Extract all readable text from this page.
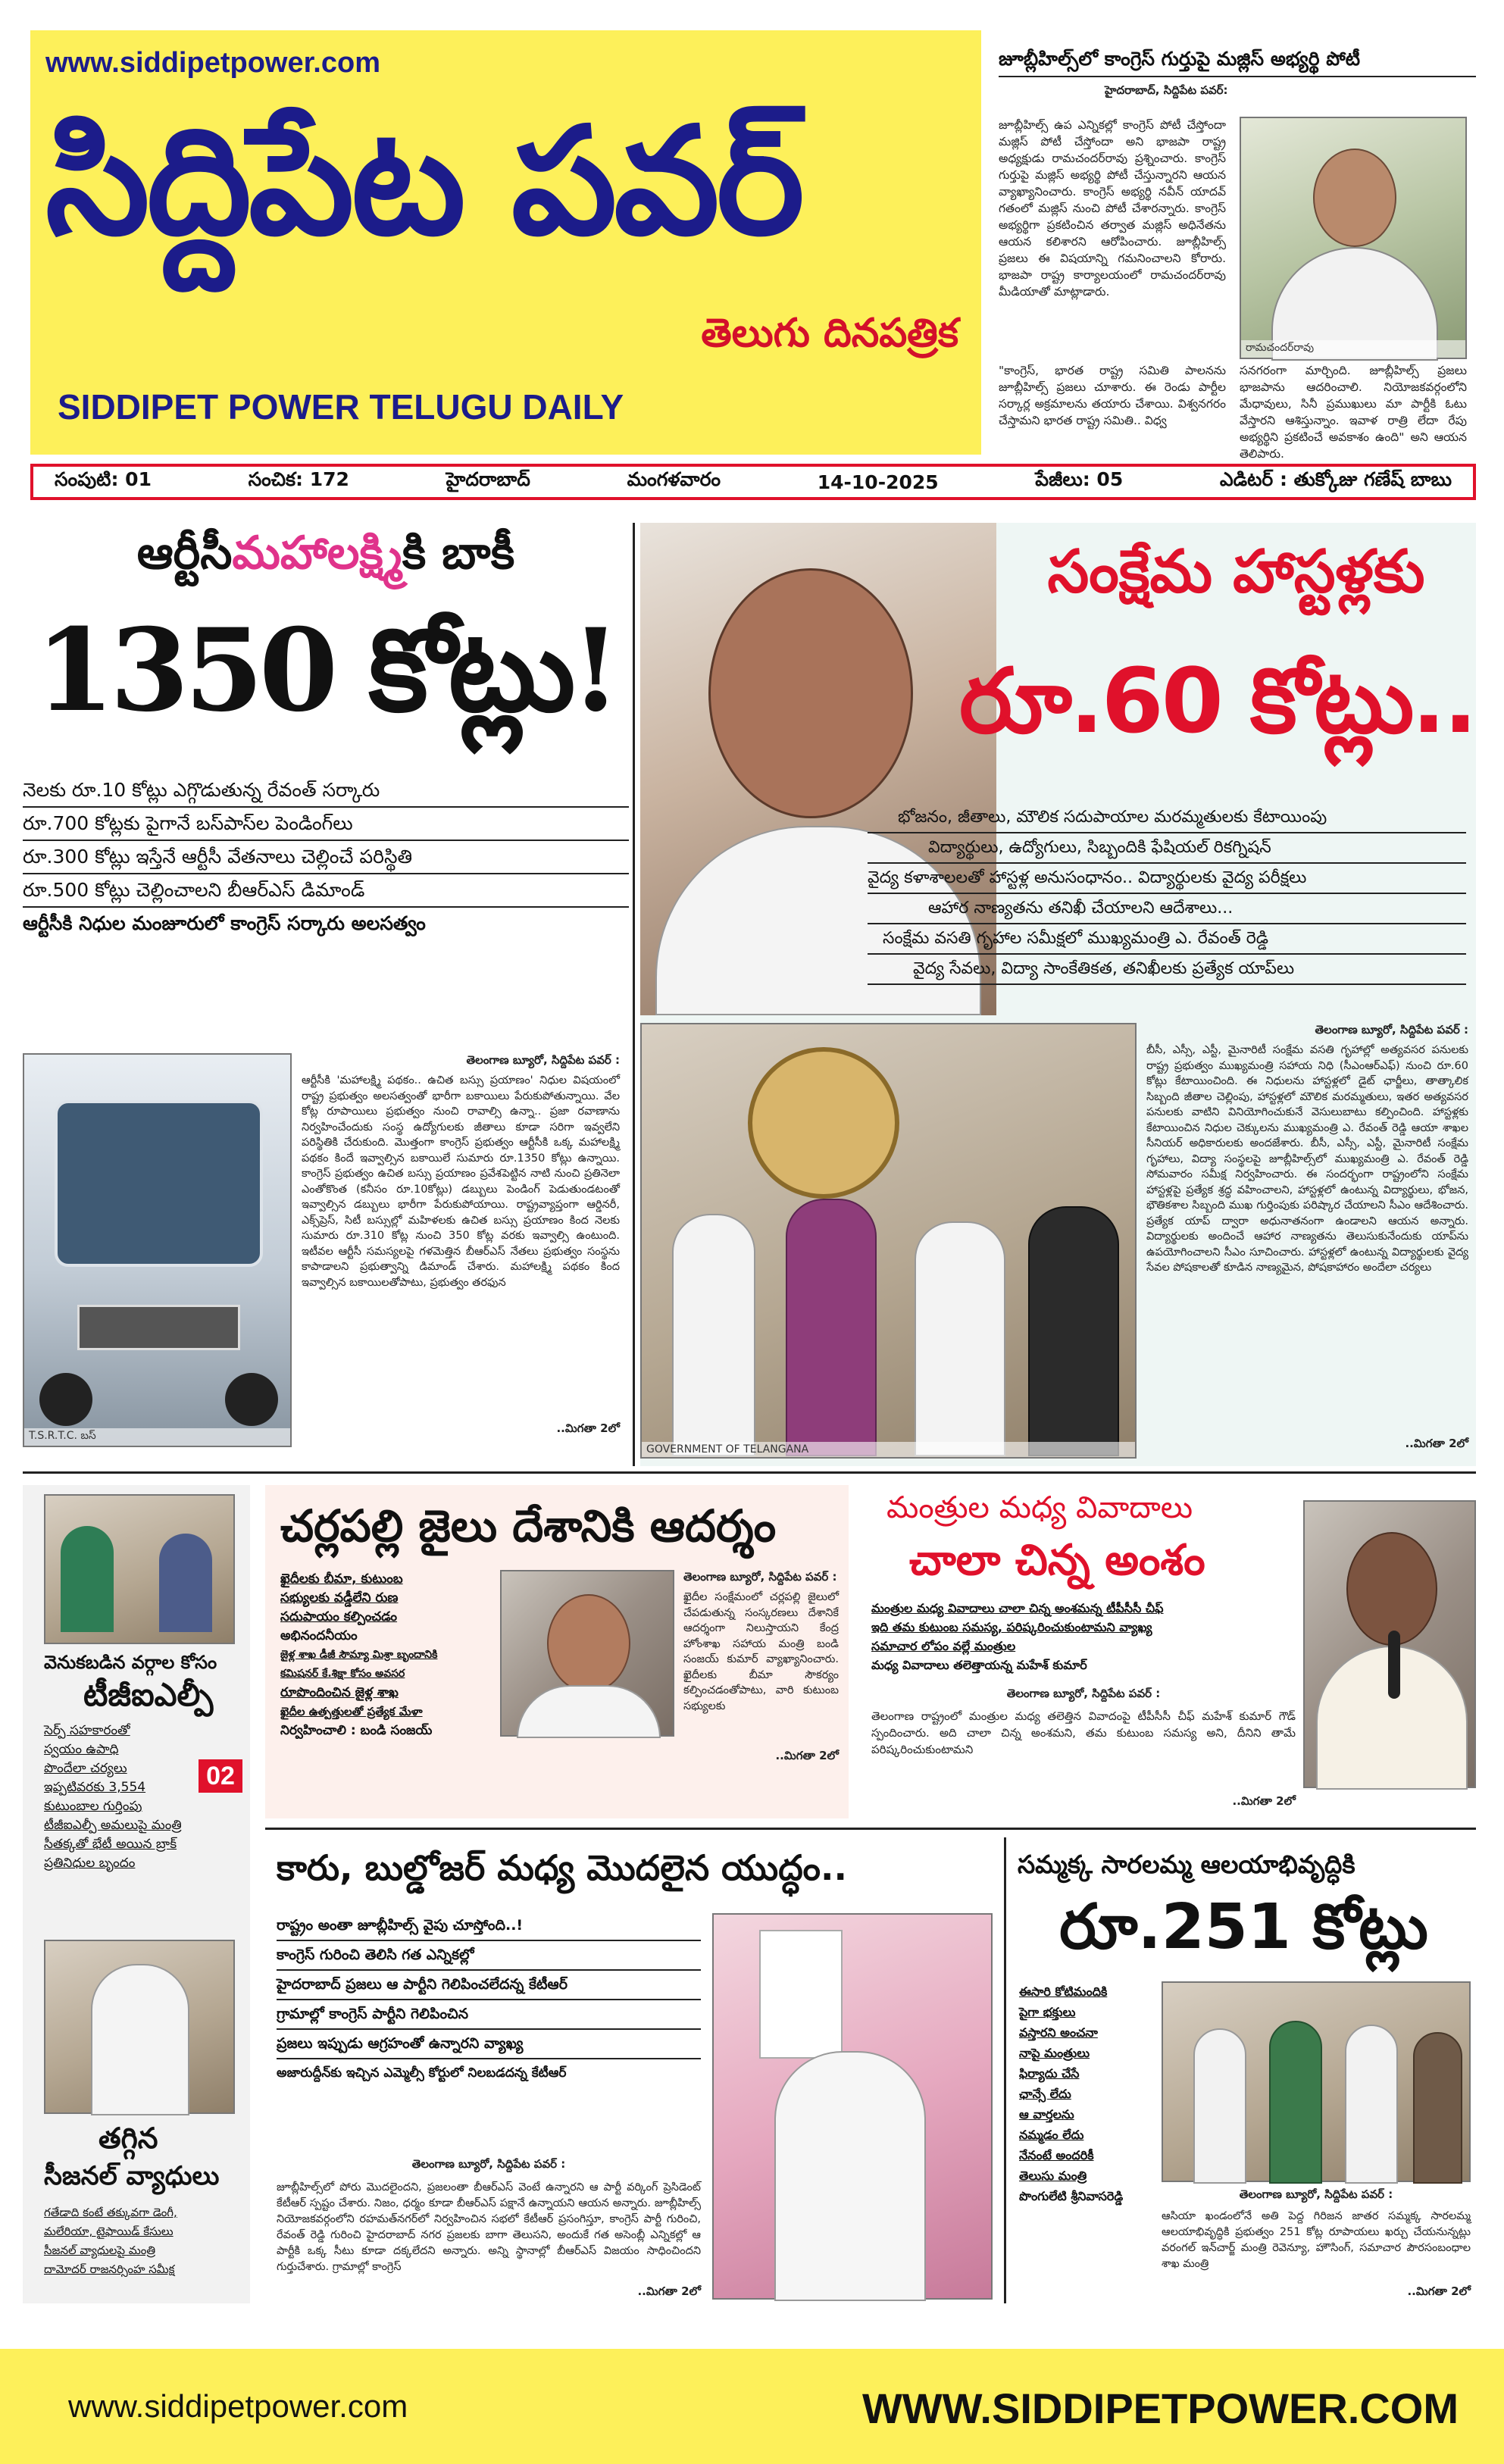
www.siddipetpower.com
సిద్దిపేట పవర్
తెలుగు దినపత్రిక
SIDDIPET POWER TELUGU DAILY
జూబ్లీహిల్స్‌లో కాంగ్రెస్ గుర్తుపై మజ్లిస్ అభ్యర్థి పోటీ
హైదరాబాద్, సిద్దిపేట పవర్:
జూబ్లీహిల్స్ ఉప ఎన్నికల్లో కాంగ్రెస్ పోటీ చేస్తోందా మజ్లిస్ పోటీ చేస్తోందా అని భాజపా రాష్ట్ర అధ్యక్షుడు రామచందర్‌రావు ప్రశ్నించారు. కాంగ్రెస్ గుర్తుపై మజ్లిస్ అభ్యర్థి పోటీ చేస్తున్నారని ఆయన వ్యాఖ్యానించారు. కాంగ్రెస్ అభ్యర్థి నవీన్ యాదవ్ గతంలో మజ్లిస్ నుంచి పోటీ చేశారన్నారు. కాంగ్రెస్ అభ్యర్థిగా ప్రకటించిన తర్వాత మజ్లిస్ అధినేతను ఆయన కలిశారని ఆరోపించారు. జూబ్లీహిల్స్ ప్రజలు ఈ విషయాన్ని గమనించాలని కోరారు. భాజపా రాష్ట్ర కార్యాలయంలో రామచందర్‌రావు మీడియాతో మాట్లాడారు.
"కాంగ్రెస్, భారత రాష్ట్ర సమితి పాలనను జూబ్లీహిల్స్ ప్రజలు చూశారు. ఈ రెండు పార్టీల సర్కార్ల అక్రమాలను తయారు చేశాయి. విశ్వనగరం చేస్తామని భారత రాష్ట్ర సమితి.. విధ్వ
రామచందర్‌రావు
సనగరంగా మార్చింది. జూబ్లీహిల్స్ ప్రజలు భాజపాను ఆదరించాలి. నియోజకవర్గంలోని మేధావులు, సినీ ప్రముఖులు మా పార్టీకి ఓటు వేస్తారని ఆశిస్తున్నాం. ఇవాళ రాత్రి లేదా రేపు అభ్యర్థిని ప్రకటించే అవకాశం ఉంది" అని ఆయన తెలిపారు.
సంపుటి: 01	సంచిక: 172	హైదరాబాద్	మంగళవారం	14-10-2025	పేజీలు: 05	ఎడిటర్ : తుక్కోజు గణేష్ బాబు
ఆర్టీసీమహాలక్ష్మికి బాకీ
1350 కోట్లు!
నెలకు రూ.10 కోట్లు ఎగ్గొడుతున్న రేవంత్ సర్కారు
రూ.700 కోట్లకు పైగానే బస్‌పాస్‌ల పెండింగ్‌లు
రూ.300 కోట్లు ఇస్తేనే ఆర్టీసీ వేతనాలు చెల్లించే పరిస్థితి
రూ.500 కోట్లు చెల్లించాలని బీఆర్ఎస్ డిమాండ్
ఆర్టీసీకి నిధుల మంజూరులో కాంగ్రెస్ సర్కారు అలసత్వం
T.S.R.T.C. బస్
తెలంగాణ బ్యూరో, సిద్దిపేట పవర్ :
ఆర్టీసీకి 'మహాలక్ష్మి పథకం.. ఉచిత బస్సు ప్రయాణం' నిధుల విషయంలో రాష్ట్ర ప్రభుత్వం అలసత్వంతో భారీగా బకాయిలు పేరుకుపోతున్నాయి. వేల కోట్ల రూపాయిలు ప్రభుత్వం నుంచి రావాల్సి ఉన్నా.. ప్రజా రవాణాను నిర్వహించేందుకు సంస్థ ఉద్యోగులకు జీతాలు కూడా సరిగా ఇవ్వలేని పరిస్థితికి చేరుకుంది. మొత్తంగా కాంగ్రెస్ ప్రభుత్వం ఆర్టీసీకి ఒక్క మహాలక్ష్మి పథకం కిందే ఇవ్వాల్సిన బకాయిలే సుమారు రూ.1350 కోట్లు ఉన్నాయి. కాంగ్రెస్ ప్రభుత్వం ఉచిత బస్సు ప్రయాణం ప్రవేశపెట్టిన నాటి నుంచి ప్రతినెలా ఎంతోకొంత (కనీసం రూ.10కోట్లు) డబ్బులు పెండింగ్ పెడుతుండటంతో ఇవ్వాల్సిన డబ్బులు భారీగా పేరుకుపోయాయి. రాష్ట్రవ్యాప్తంగా ఆర్డినరీ, ఎక్స్‌ప్రెస్, సిటీ బస్సుల్లో మహిళలకు ఉచిత బస్సు ప్రయాణం కింద నెలకు సుమారు రూ.310 కోట్ల నుంచి 350 కోట్ల వరకు ఇవ్వాల్సి ఉంటుంది. ఇటీవల ఆర్టీసీ సమస్యలపై గళమెత్తిన బీఆర్ఎస్ నేతలు ప్రభుత్వం సంస్థను కాపాడాలని ప్రభుత్వాన్ని డిమాండ్ చేశారు. మహాలక్ష్మి పథకం కింద ఇవ్వాల్సిన బకాయిలతోపాటు, ప్రభుత్వం తరఫున
..మిగతా 2లో
సంక్షేమ హాస్టళ్లకు
రూ.60 కోట్లు..
భోజనం, జీతాలు, మౌలిక సదుపాయాల మరమ్మతులకు కేటాయింపు
విద్యార్థులు, ఉద్యోగులు, సిబ్బందికి ఫేషియల్ రికగ్నిషన్
వైద్య కళాశాలలతో హాస్టళ్ల అనుసంధానం.. విద్యార్థులకు వైద్య పరీక్షలు
ఆహార నాణ్యతను తనిఖీ చేయాలని ఆదేశాలు...
సంక్షేమ వసతి గృహాల సమీక్షలో ముఖ్యమంత్రి ఎ. రేవంత్ రెడ్డి
వైద్య సేవలు, విద్యా సాంకేతికత, తనిఖీలకు ప్రత్యేక యాప్‌లు
GOVERNMENT OF TELANGANA
తెలంగాణ బ్యూరో, సిద్దిపేట పవర్ :
బీసీ, ఎస్సీ, ఎస్టీ, మైనారిటీ సంక్షేమ వసతి గృహాల్లో అత్యవసర పనులకు రాష్ట్ర ప్రభుత్వం ముఖ్యమంత్రి సహాయ నిధి (సీఎంఆర్ఎఫ్) నుంచి రూ.60 కోట్లు కేటాయించింది. ఈ నిధులను హాస్టళ్లలో డైట్ ఛార్జీలు, తాత్కాలిక సిబ్బంది జీతాల చెల్లింపు, హాస్టళ్లలో మౌలిక మరమ్మతులు, ఇతర అత్యవసర పనులకు వాటిని వినియోగించుకునే వెసులుబాటు కల్పించింది. హాస్టళ్లకు కేటాయించిన నిధుల చెక్కులను ముఖ్యమంత్రి ఎ. రేవంత్ రెడ్డి ఆయా శాఖల సీనియర్ అధికారులకు అందజేశారు. బీసీ, ఎస్సీ, ఎస్టీ, మైనారిటీ సంక్షేమ గృహాలు, విద్యా సంస్థలపై జూబ్లీహిల్స్‌లో ముఖ్యమంత్రి ఎ. రేవంత్ రెడ్డి సోమవారం సమీక్ష నిర్వహించారు. ఈ సందర్భంగా రాష్ట్రంలోని సంక్షేమ హాస్టళ్లపై ప్రత్యేక శ్రద్ధ వహించాలని, హాస్టళ్లలో ఉంటున్న విద్యార్థులు, భోజన, భౌతికశాల సిబ్బంది ముఖ గుర్తింపుకు పరిష్కార చేయాలని సీఎం ఆదేశించారు. ప్రత్యేక యాప్ ద్వారా అధునాతనంగా ఉండాలని ఆయన అన్నారు. విద్యార్థులకు అందించే ఆహార నాణ్యతను తెలుసుకునేందుకు యాప్‌ను ఉపయోగించాలని సీఎం సూచించారు. హాస్టళ్లలో ఉంటున్న విద్యార్థులకు వైద్య సేవల పోషకాలతో కూడిన నాణ్యమైన, పోషకాహారం అందేలా చర్యలు
..మిగతా 2లో
వెనుకబడిన వర్గాల కోసం
టీజీఐఎల్పీ
సెర్ప్ సహకారంతో
స్వయం ఉపాధి
పొందేలా చర్యలు
ఇప్పటివరకు 3,554
కుటుంబాల గుర్తింపు
టీజీఐఎల్పీ అమలుపై మంత్రి
సీతక్కతో భేటీ అయిన బ్రాక్
ప్రతినిధుల బృందం
02
తగ్గిన
సీజనల్ వ్యాధులు
గతేడాది కంటే తక్కువగా డెంగీ,
మలేరియా, టైఫాయిడ్ కేసులు
సీజనల్ వ్యాధులపై మంత్రి
దామోదర్ రాజనర్సింహ సమీక్ష
చర్లపల్లి జైలు దేశానికి ఆదర్శం
ఖైదీలకు బీమా, కుటుంబ
సభ్యులకు వడ్డీలేని రుణ
సదుపాయం కల్పించడం
అభినందనీయం
జైళ్ల శాఖ డీజీ సౌమ్యా మిశ్రా బృందానికి
కమిషనర్ కే.శిక్షా కోసం అవసర
రూపొందించిన జైళ్ల శాఖ
ఖైదీల ఉత్పత్తులతో ప్రత్యేక మేళా
నిర్వహించాలి : బండి సంజయ్
తెలంగాణ బ్యూరో, సిద్దిపేట పవర్ :
ఖైదీల సంక్షేమంలో చర్లపల్లి జైలులో చేపడుతున్న సంస్కరణలు దేశానికే ఆదర్శంగా నిలుస్తాయని కేంద్ర హోంశాఖ సహాయ మంత్రి బండి సంజయ్ కుమార్ వ్యాఖ్యానించారు. ఖైదీలకు బీమా సౌకర్యం కల్పించడంతోపాటు, వారి కుటుంబ సభ్యులకు
..మిగతా 2లో
మంత్రుల మధ్య వివాదాలు
చాలా చిన్న అంశం
మంత్రుల మధ్య వివాదాలు చాలా చిన్న అంశమన్న టీపీసీసీ చీఫ్
ఇది తమ కుటుంబ సమస్య, పరిష్కరించుకుంటామని వ్యాఖ్య
సమాచార లోపం వల్లే మంత్రుల
మధ్య వివాదాలు తలెత్తాయన్న మహేశ్ కుమార్
తెలంగాణ బ్యూరో, సిద్దిపేట పవర్ :
తెలంగాణ రాష్ట్రంలో మంత్రుల మధ్య తలెత్తిన వివాదంపై టీపీసీసీ చీఫ్ మహేశ్ కుమార్ గౌడ్ స్పందించారు. అది చాలా చిన్న అంశమని, తమ కుటుంబ సమస్య అని, దీనిని తామే పరిష్కరించుకుంటామని
..మిగతా 2లో
కారు, బుల్డోజర్ మధ్య మొదలైన యుద్ధం..
రాష్ట్రం అంతా జూబ్లీహిల్స్ వైపు చూస్తోంది..!
కాంగ్రెస్ గురించి తెలిసి గత ఎన్నికల్లో
హైదరాబాద్ ప్రజలు ఆ పార్టీని గెలిపించలేదన్న కేటీఆర్
గ్రామాల్లో కాంగ్రెస్ పార్టీని గెలిపించిన
ప్రజలు ఇప్పుడు ఆగ్రహంతో ఉన్నారని వ్యాఖ్య
అజారుద్దీన్‌కు ఇచ్చిన ఎమ్మెల్సీ కోర్టులో నిలబడదన్న కేటీఆర్
తెలంగాణ బ్యూరో, సిద్దిపేట పవర్ :
జూబ్లీహిల్స్‌లో పోరు మొదలైందని, ప్రజలంతా బీఆర్ఎస్ వెంటే ఉన్నారని ఆ పార్టీ వర్కింగ్ ప్రెసిడెంట్ కేటీఆర్ స్పష్టం చేశారు. నిజం, ధర్మం కూడా బీఆర్ఎస్ పక్షానే ఉన్నాయని ఆయన అన్నారు. జూబ్లీహిల్స్ నియోజకవర్గంలోని రహమత్‌నగర్‌లో నిర్వహించిన సభలో కేటీఆర్ ప్రసంగిస్తూ, కాంగ్రెస్ పార్టీ గురించి, రేవంత్ రెడ్డి గురించి హైదరాబాద్ నగర ప్రజలకు బాగా తెలుసని, అందుకే గత అసెంబ్లీ ఎన్నికల్లో ఆ పార్టీకి ఒక్క సీటు కూడా దక్కలేదని అన్నారు. అన్ని స్థానాల్లో బీఆర్ఎస్ విజయం సాధించిందని గుర్తుచేశారు. గ్రామాల్లో కాంగ్రెస్
..మిగతా 2లో
సమ్మక్క సారలమ్మ ఆలయాభివృద్ధికి
రూ.251 కోట్లు
ఈసారి కోటిమందికి
పైగా భక్తులు
వస్తారని అంచనా
నాపై మంత్రులు
ఫిర్యాదు చేసే
ఛాన్సే లేదు
ఆ వార్తలను
నమ్మడం లేదు
నేనంటే అందరికీ
తెలుసు మంత్రి
పొంగులేటి శ్రీనివాసరెడ్డి	తెలంగాణ బ్యూరో, సిద్దిపేట పవర్ :
ఆసియా ఖండంలోనే అతి పెద్ద గిరిజన జాతర సమ్మక్క సారలమ్మ ఆలయాభివృద్ధికి ప్రభుత్వం 251 కోట్ల రూపాయలు ఖర్చు చేయనున్నట్లు వరంగల్ ఇన్‌చార్జ్ మంత్రి రెవెన్యూ, హౌసింగ్, సమాచార పౌరసంబంధాల శాఖ మంత్రి
..మిగతా 2లో
www.siddipetpower.com	WWW.SIDDIPETPOWER.COM
